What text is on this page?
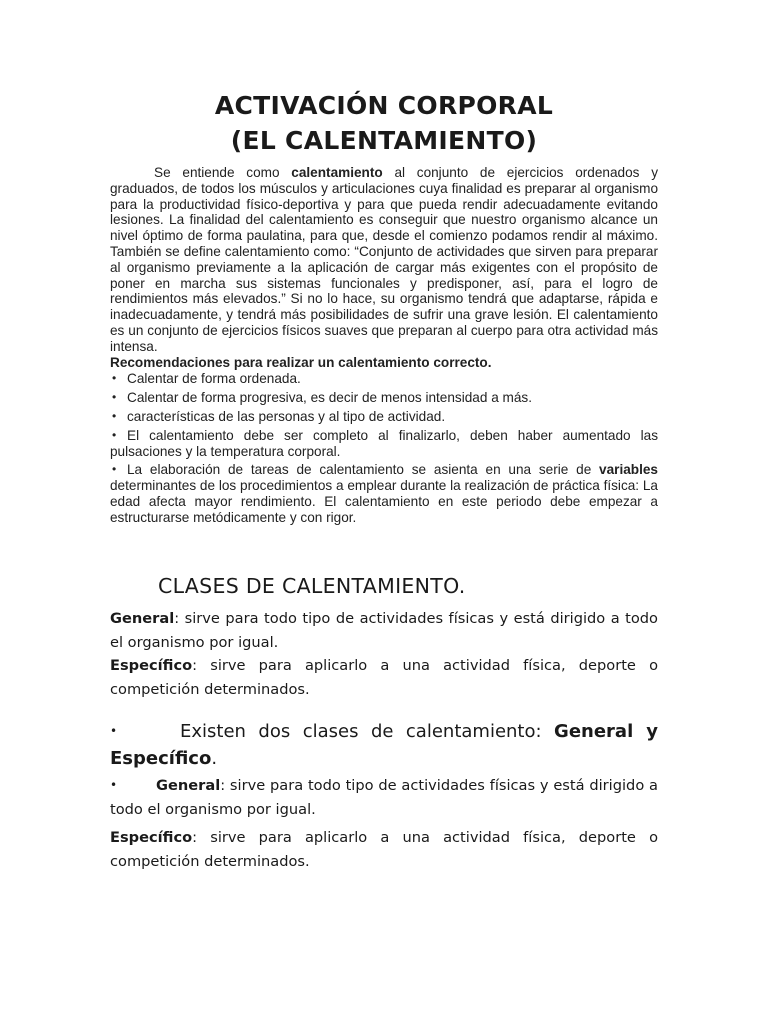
ACTIVACIÓN CORPORAL
(EL CALENTAMIENTO)

Se entiende como calentamiento al conjunto de ejercicios ordenados y graduados, de todos los músculos y articulaciones cuya finalidad es preparar al organismo para la productividad físico-deportiva y para que pueda rendir adecuadamente evitando lesiones. La finalidad del calentamiento es conseguir que nuestro organismo alcance un nivel óptimo de forma paulatina, para que, desde el comienzo podamos rendir al máximo. También se define calentamiento como: “Conjunto de actividades que sirven para preparar al organismo previamente a la aplicación de cargar más exigentes con el propósito de poner en marcha sus sistemas funcionales y predisponer, así, para el logro de rendimientos más elevados.” Si no lo hace, su organismo tendrá que adaptarse, rápida e inadecuadamente, y tendrá más posibilidades de sufrir una grave lesión. El calentamiento es un conjunto de ejercicios físicos suaves que preparan al cuerpo para otra actividad más intensa.

Recomendaciones para realizar un calentamiento correcto.

• Calentar de forma ordenada.
• Calentar de forma progresiva, es decir de menos intensidad a más.
• características de las personas y al tipo de actividad.
• El calentamiento debe ser completo al finalizarlo, deben haber aumentado las pulsaciones y la temperatura corporal.
• La elaboración de tareas de calentamiento se asienta en una serie de variables determinantes de los procedimientos a emplear durante la realización de práctica física: La edad afecta mayor rendimiento. El calentamiento en este periodo debe empezar a estructurarse metódicamente y con rigor.
CLASES DE CALENTAMIENTO.

General: sirve para todo tipo de actividades físicas y está dirigido a todo el organismo por igual.

Específico: sirve para aplicarlo a una actividad física, deporte o competición determinados.

•	Existen dos clases de calentamiento: General y Específico.

•	General: sirve para todo tipo de actividades físicas y está dirigido a todo el organismo por igual.

Específico: sirve para aplicarlo a una actividad física, deporte o competición determinados.
